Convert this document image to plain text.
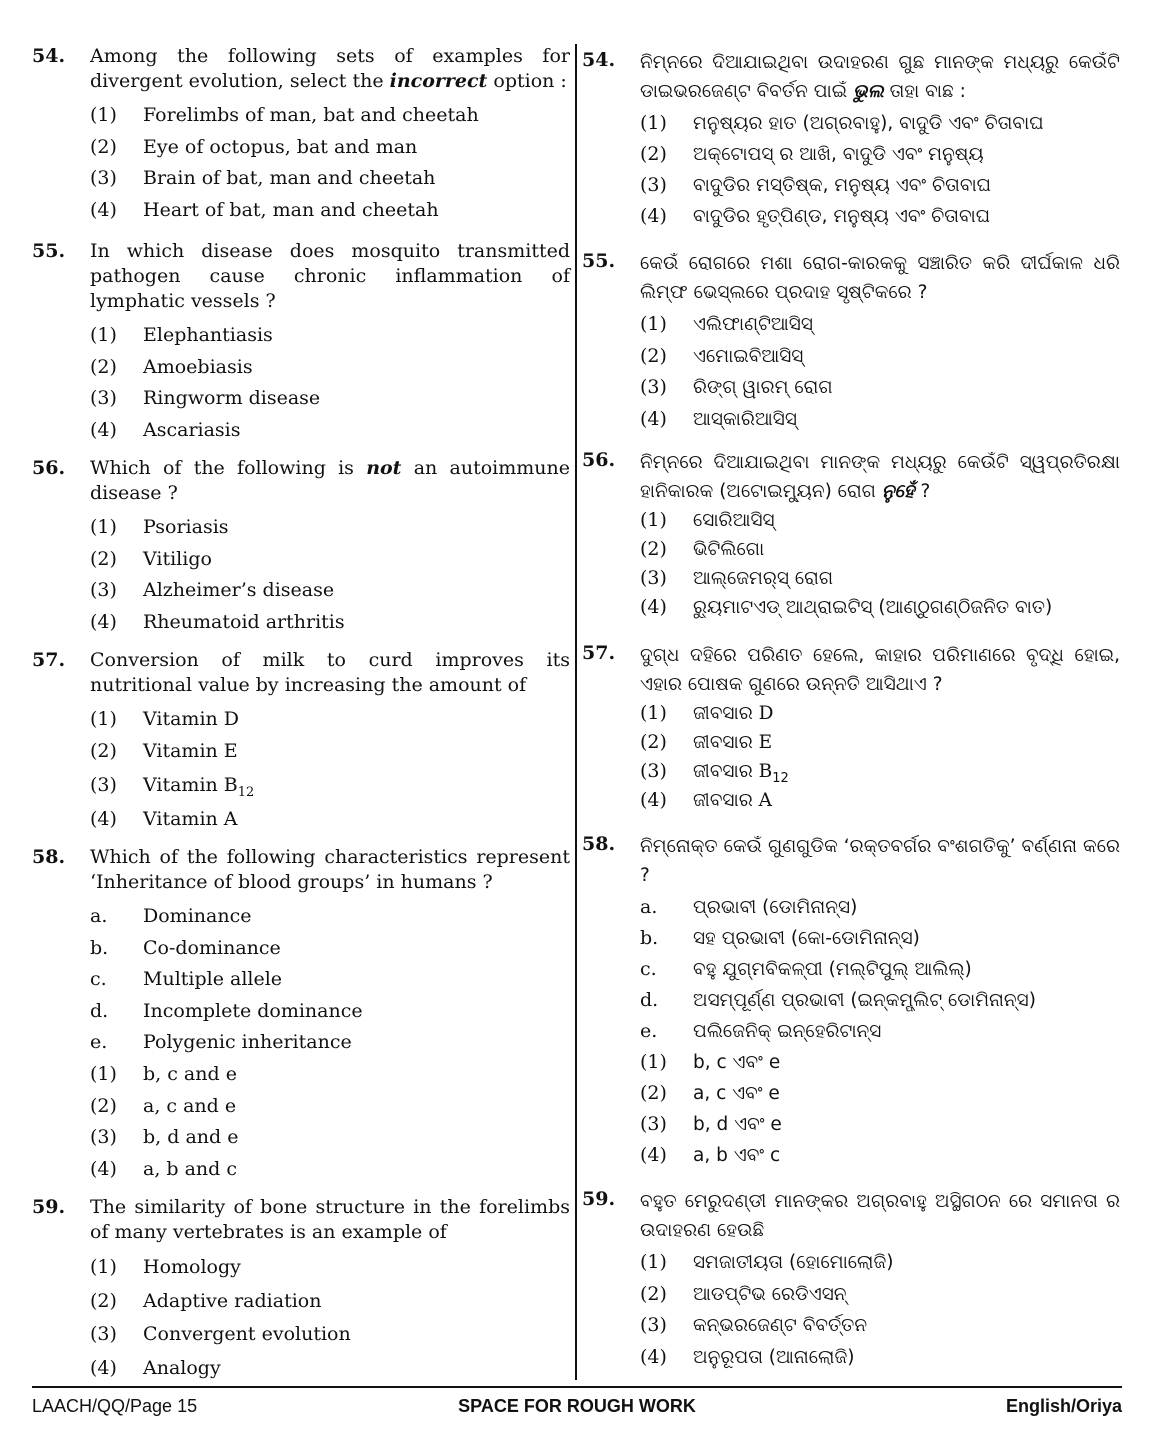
54. Among the following sets of examples for divergent evolution, select the incorrect option :
(1)	Forelimbs of man, bat and cheetah
(2)	Eye of octopus, bat and man
(3)	Brain of bat, man and cheetah
(4)	Heart of bat, man and cheetah
55. In which disease does mosquito transmitted pathogen cause chronic inflammation of lymphatic vessels ?
(1)	Elephantiasis
(2)	Amoebiasis
(3)	Ringworm disease
(4)	Ascariasis
56. Which of the following is not an autoimmune disease ?
(1)	Psoriasis
(2)	Vitiligo
(3)	Alzheimer’s disease
(4)	Rheumatoid arthritis
57. Conversion of milk to curd improves its nutritional value by increasing the amount of
(1)	Vitamin D
(2)	Vitamin E
(3)	Vitamin $B_{12}$
(4)	Vitamin A
58. Which of the following characteristics represent ‘Inheritance of blood groups’ in humans ?
a.	Dominance
b.	Co-dominance
c.	Multiple allele
d.	Incomplete dominance
e.	Polygenic inheritance
(1)	b, c and e
(2)	a, c and e
(3)	b, d and e
(4)	a, b and c
59. The similarity of bone structure in the forelimbs of many vertebrates is an example of
(1)	Homology
(2)	Adaptive radiation
(3)	Convergent evolution
(4)	Analogy
54. ନିମ୍ନରେ ଦିଆଯାଇଥିବା ଉଦାହରଣ ଗୁଛ ମାନଙ୍କ ମଧ୍ୟରୁ କେଉଁଟି ଡାଇଭରଜେଣ୍ଟ ବିବର୍ତନ ପାଇଁ ଭୁଲ ତାହା ବାଛ :
(1)	ମନୁଷ୍ୟର ହାତ (ଅଗ୍ରବାହୁ), ବାଦୁଡି ଏବଂ ଚିତାବାଘ
(2)	ଅକ୍ଟୋପସ୍ ର ଆଖି, ବାଦୁଡି ଏବଂ ମନୁଷ୍ୟ
(3)	ବାଦୁଡିର ମସ୍ତିଷ୍କ, ମନୁଷ୍ୟ ଏବଂ ଚିତାବାଘ
(4)	ବାଦୁଡିର ହୃତ୍‌ପିଣ୍ଡ, ମନୁଷ୍ୟ ଏବଂ ଚିତାବାଘ
55. କେଉଁ ରୋଗରେ ମଶା ରୋଗ-କାରକକୁ ସଞ୍ଚାରିତ କରି ଦୀର୍ଘକାଳ ଧରି ଲିମ୍ଫ ଭେସ୍‌ଲରେ ପ୍ରଦାହ ସୃଷ୍ଟିକରେ ?
(1)	ଏଲିଫାଣ୍ଟିଆସିସ୍
(2)	ଏମୋଇବିଆସିସ୍
(3)	ରିଙ୍ଗ୍ ୱାରମ୍ ରୋଗ
(4)	ଆସ୍କାରିଆସିସ୍
56. ନିମ୍ନରେ ଦିଆଯାଇଥିବା ମାନଙ୍କ ମଧ୍ୟରୁ କେଉଁଟି ସ୍ୱପ୍ରତିରକ୍ଷା ହାନିକାରକ (ଅଟୋଇମ୍ୟୁନ) ରୋଗ ନୁହେଁ ?
(1)	ସୋରିଆସିସ୍
(2)	ଭିଟିଲିଗୋ
(3)	ଆଲ୍‌ଜେମର୍‌ସ୍ ରୋଗ
(4)	ରୁ୍ୟମାଟଏଡ୍ ଆଥ୍ରାଇଟିସ୍ (ଆଣ୍ଠୁଗଣ୍ଠିଜନିତ ବାତ)
57. ଦୁଗ୍ଧ ଦହିରେ ପରିଣତ ହେଲେ, କାହାର ପରିମାଣରେ ବୃଦ୍ଧି ହୋଇ, ଏହାର ପୋଷକ ଗୁଣରେ ଉନ୍ନତି ଆସିଥାଏ ?
(1)	ଜୀବସାର D
(2)	ଜୀବସାର E
(3)	ଜୀବସାର $B_{12}$
(4)	ଜୀବସାର A
58. ନିମ୍ନୋକ୍ତ କେଉଁ ଗୁଣଗୁଡିକ ‘ରକ୍ତବର୍ଗର ବଂଶଗତିକୁ’ ବର୍ଣ୍ଣନା କରେ ?
a.	ପ୍ରଭାବୀ (ଡୋମିନାନ୍‌ସ)
b.	ସହ ପ୍ରଭାବୀ (କୋ-ଡୋମିନାନ୍‌ସ)
c.	ବହୁ ଯୁଗ୍ମବିକଳ୍ପୀ (ମଲ୍‌ଟିପୁଲ୍ ଆଲିଲ୍)
d.	ଅସମ୍ପୂର୍ଣ୍ଣ ପ୍ରଭାବୀ (ଇନ୍‌କମ୍ପ୍ଲିଟ୍ ଡୋମିନାନ୍‌ସ)
e.	ପଲିଜେନିକ୍ ଇନ୍‌ହେରିଟାନ୍‌ସ
(1)	b, c ଏବଂ e
(2)	a, c ଏବଂ e
(3)	b, d ଏବଂ e
(4)	a, b ଏବଂ c
59. ବହୁତ ମେରୁଦଣ୍ଡୀ ମାନଙ୍କର ଅଗ୍ରବାହୁ ଅସ୍ଥିଗଠନ ରେ ସମାନତା ର ଉଦାହରଣ ହେଉଛି
(1)	ସମଜାତୀୟତା (ହୋମୋଲୋଜି)
(2)	ଆଡପ୍ଟିଭ ରେଡିଏସନ୍
(3)	କନ୍‌ଭରଜେଣ୍ଟ ବିବର୍ତ୍ତନ
(4)	ଅନୁରୂପତା (ଆନାଲୋଜି)
LAACH/QQ/Page 15	SPACE FOR ROUGH WORK	English/Oriya
